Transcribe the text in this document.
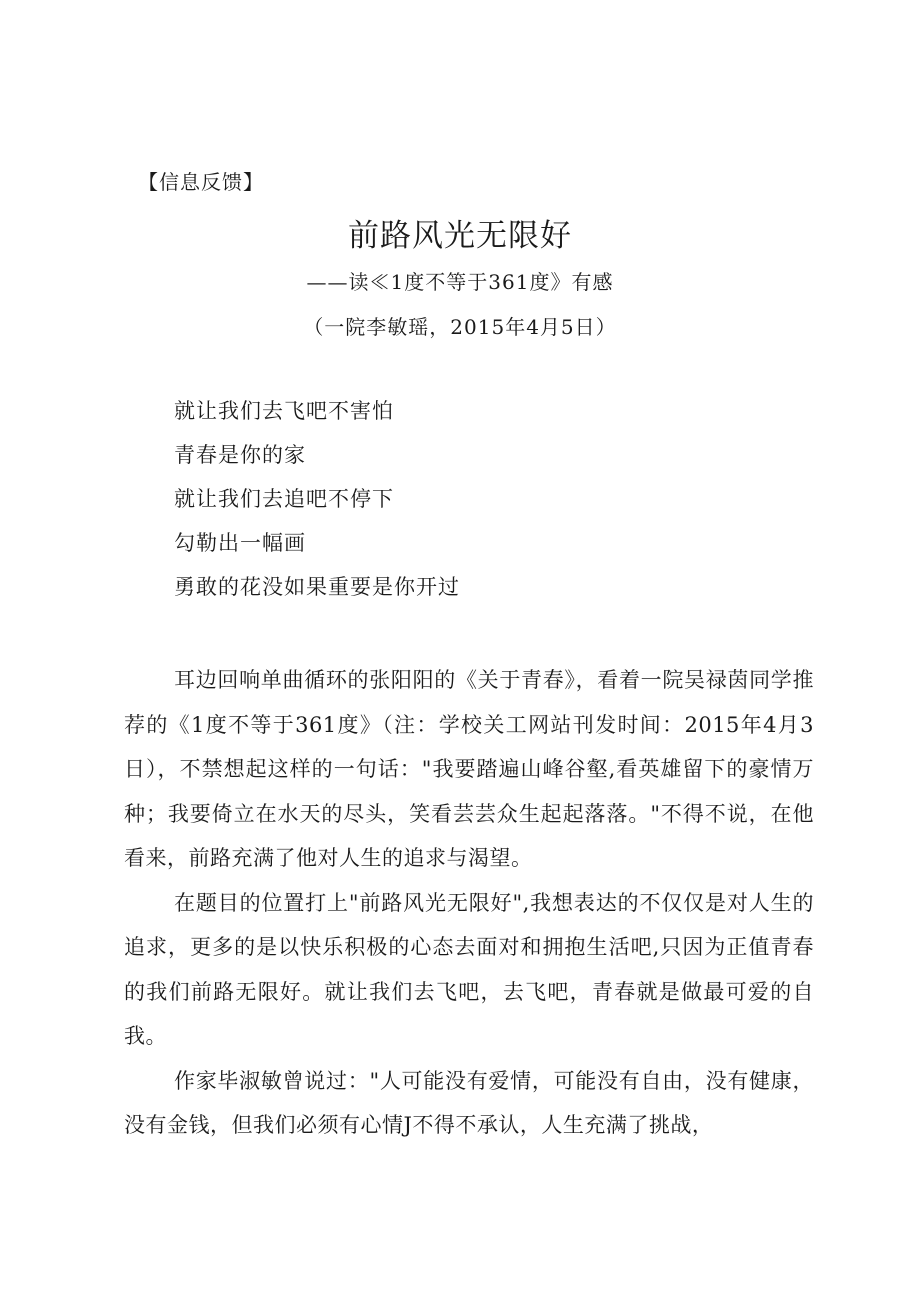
【信息反馈】
前路风光无限好
——读≪1度不等于361度》有感
（一院李敏瑶，2015年4月5日）
就让我们去飞吧不害怕
青春是你的家
就让我们去追吧不停下
勾勒出一幅画
勇敢的花没如果重要是你开过

耳边回响单曲循环的张阳阳的《关于青春》，看着一院吴禄茵同学推荐的《1度不等于361度》（注：学校关工网站刊发时间：2015年4月3日），不禁想起这样的一句话："我要踏遍山峰谷壑,看英雄留下的豪情万种；我要倚立在水天的尽头，笑看芸芸众生起起落落。"不得不说，在他看来，前路充满了他对人生的追求与渴望。

在题目的位置打上"前路风光无限好",我想表达的不仅仅是对人生的追求，更多的是以快乐积极的心态去面对和拥抱生活吧,只因为正值青春的我们前路无限好。就让我们去飞吧，去飞吧，青春就是做最可爱的自我。

作家毕淑敏曾说过："人可能没有爱情，可能没有自由，没有健康，没有金钱，但我们必须有心情J不得不承认，人生充满了挑战，
